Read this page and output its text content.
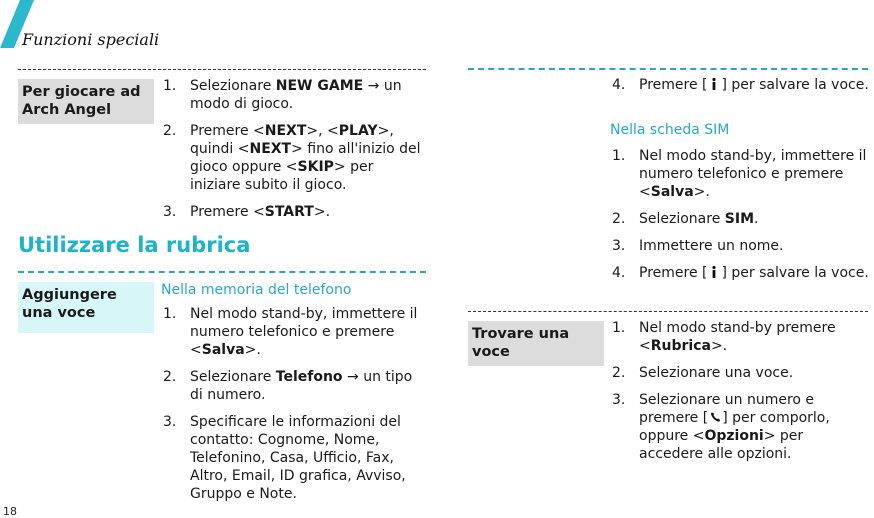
Funzioni speciali
Per giocare ad Arch Angel
1. Selezionare NEW GAME → un modo di gioco.
2. Premere <NEXT>, <PLAY>, quindi <NEXT> fino all'inizio del gioco oppure <SKIP> per iniziare subito il gioco.
3. Premere <START>.
Utilizzare la rubrica
Aggiungere una voce
Nella memoria del telefono
1. Nel modo stand-by, immettere il numero telefonico e premere <Salva>.
2. Selezionare Telefono → un tipo di numero.
3. Specificare le informazioni del contatto: Cognome, Nome, Telefonino, Casa, Ufficio, Fax, Altro, Email, ID grafica, Avviso, Gruppo e Note.
4. Premere [ ] per salvare la voce.
Nella scheda SIM
1. Nel modo stand-by, immettere il numero telefonico e premere <Salva>.
2. Selezionare SIM.
3. Immettere un nome.
4. Premere [ ] per salvare la voce.
Trovare una voce
1. Nel modo stand-by premere <Rubrica>.
2. Selezionare una voce.
3. Selezionare un numero e premere [ ] per comporlo, oppure <Opzioni> per accedere alle opzioni.
18
